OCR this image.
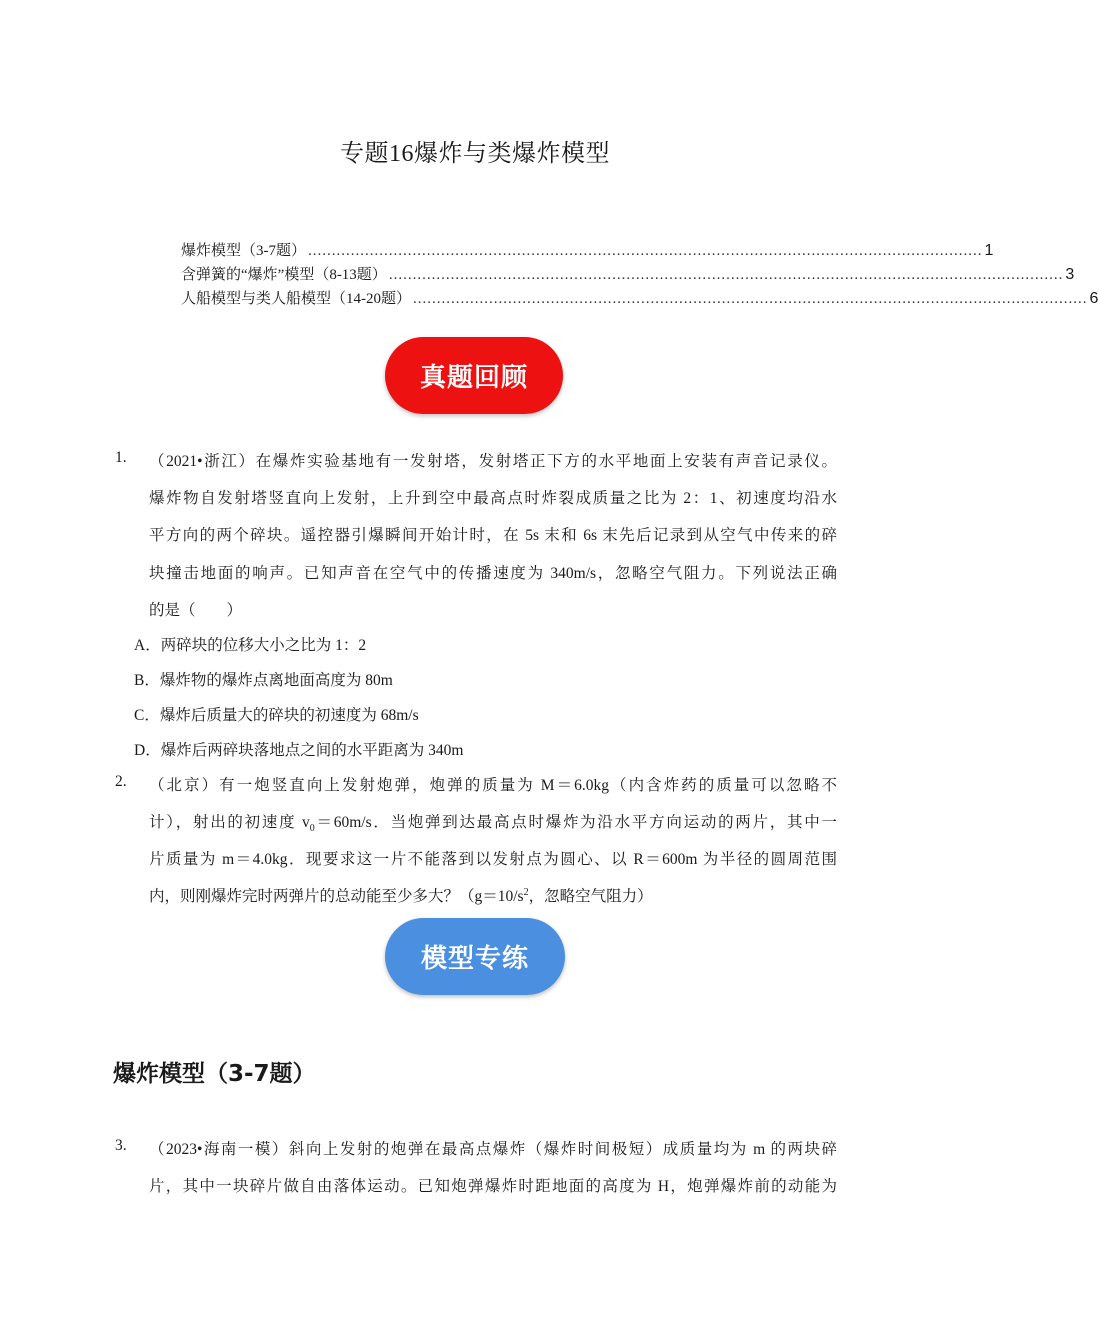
专题16爆炸与类爆炸模型
爆炸模型（3-7题） .............................................................................................................................................. 1
含弹簧的“爆炸”模型（8-13题） .............................................................................................................................................. 3
人船模型与类人船模型（14-20题） .............................................................................................................................................. 6
真题回顾
1. （2021•浙江）在爆炸实验基地有一发射塔，发射塔正下方的水平地面上安装有声音记录仪。
爆炸物自发射塔竖直向上发射，上升到空中最高点时炸裂成质量之比为 2：1、初速度均沿水
平方向的两个碎块。遥控器引爆瞬间开始计时，在 5s 末和 6s 末先后记录到从空气中传来的碎
块撞击地面的响声。已知声音在空气中的传播速度为 340m/s，忽略空气阻力。下列说法正确
的是（　　）
A．两碎块的位移大小之比为 1：2
B．爆炸物的爆炸点离地面高度为 80m
C．爆炸后质量大的碎块的初速度为 68m/s
D．爆炸后两碎块落地点之间的水平距离为 340m
2. （北京）有一炮竖直向上发射炮弹，炮弹的质量为 M＝6.0kg（内含炸药的质量可以忽略不
计），射出的初速度 $v_0=60m/s$．当炮弹到达最高点时爆炸为沿水平方向运动的两片，其中一
片质量为 m＝4.0kg．现要求这一片不能落到以发射点为圆心、以 R＝600m 为半径的圆周范围
内，则刚爆炸完时两弹片的总动能至少多大？（$g=10/s^2$，忽略空气阻力）
模型专练
爆炸模型（3-7题）
3. （2023•海南一模）斜向上发射的炮弹在最高点爆炸（爆炸时间极短）成质量均为 m 的两块碎
片，其中一块碎片做自由落体运动。已知炮弹爆炸时距地面的高度为 H，炮弹爆炸前的动能为
